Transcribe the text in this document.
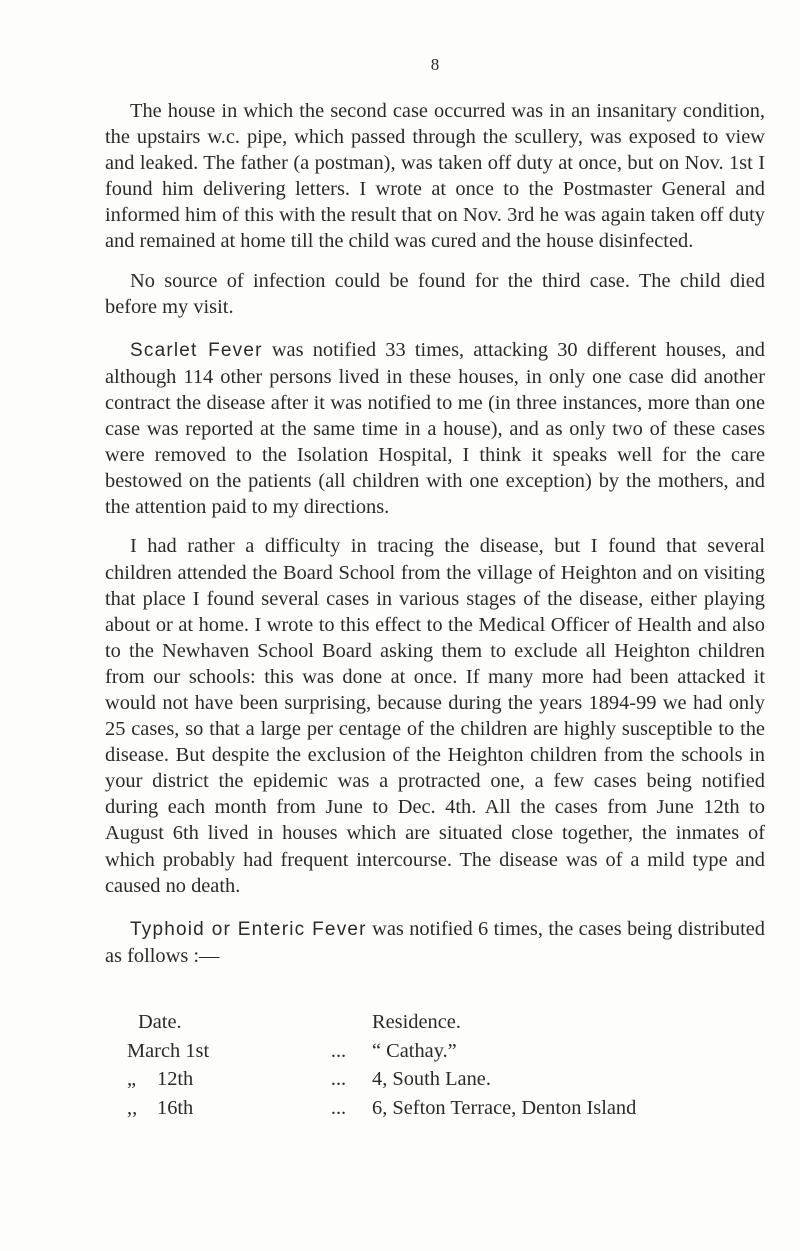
8

The house in which the second case occurred was in an insanitary condition, the upstairs w.c. pipe, which passed through the scullery, was exposed to view and leaked. The father (a postman), was taken off duty at once, but on Nov. 1st I found him delivering letters. I wrote at once to the Postmaster General and informed him of this with the result that on Nov. 3rd he was again taken off duty and remained at home till the child was cured and the house disinfected.

No source of infection could be found for the third case. The child died before my visit.

Scarlet Fever was notified 33 times, attacking 30 different houses, and although 114 other persons lived in these houses, in only one case did another contract the disease after it was notified to me (in three instances, more than one case was reported at the same time in a house), and as only two of these cases were removed to the Isolation Hospital, I think it speaks well for the care bestowed on the patients (all children with one exception) by the mothers, and the attention paid to my directions.

I had rather a difficulty in tracing the disease, but I found that several children attended the Board School from the village of Heighton and on visiting that place I found several cases in various stages of the disease, either playing about or at home. I wrote to this effect to the Medical Officer of Health and also to the Newhaven School Board asking them to exclude all Heighton children from our schools: this was done at once. If many more had been attacked it would not have been surprising, because during the years 1894-99 we had only 25 cases, so that a large per centage of the children are highly susceptible to the disease. But despite the exclusion of the Heighton children from the schools in your district the epidemic was a protracted one, a few cases being notified during each month from June to Dec. 4th. All the cases from June 12th to August 6th lived in houses which are situated close together, the inmates of which probably had frequent intercourse. The disease was of a mild type and caused no death.

Typhoid or Enteric Fever was notified 6 times, the cases being distributed as follows :—

Date.	Residence.
March 1st	...	“ Cathay.”
„ 12th	...	4, South Lane.
,, 16th	...	6, Sefton Terrace, Denton Island
